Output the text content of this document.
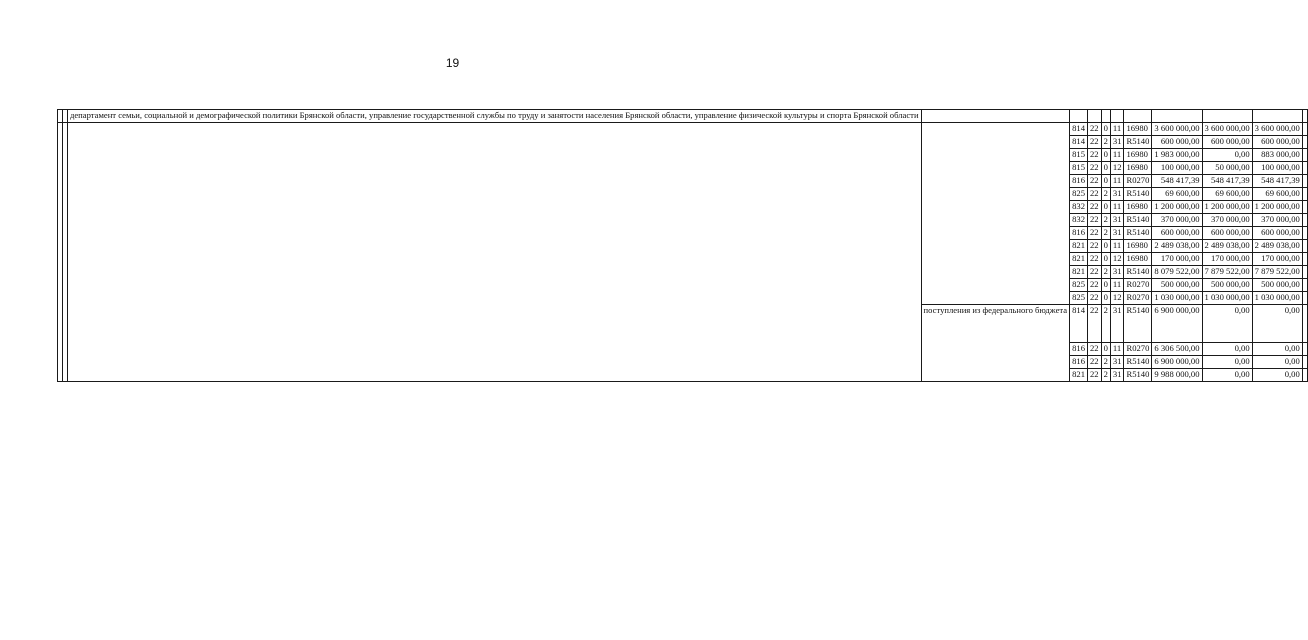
19
		департамент семьи, социальной и демографической политики Брянской области, управление государственной службы по труду и занятости населения Брянской области, управление физической культуры и спорта Брянской области										
				814	22	0	11	16980	3 600 000,00	3 600 000,00	3 600 000,00	
				814	22	2	31	R5140	600 000,00	600 000,00	600 000,00	
				815	22	0	11	16980	1 983 000,00	0,00	883 000,00	
				815	22	0	12	16980	100 000,00	50 000,00	100 000,00	
				816	22	0	11	R0270	548 417,39	548 417,39	548 417,39	
				825	22	2	31	R5140	69 600,00	69 600,00	69 600,00	
				832	22	0	11	16980	1 200 000,00	1 200 000,00	1 200 000,00	
				832	22	2	31	R5140	370 000,00	370 000,00	370 000,00	
				816	22	2	31	R5140	600 000,00	600 000,00	600 000,00	
				821	22	0	11	16980	2 489 038,00	2 489 038,00	2 489 038,00	
				821	22	0	12	16980	170 000,00	170 000,00	170 000,00	
				821	22	2	31	R5140	8 079 522,00	7 879 522,00	7 879 522,00	
				825	22	0	11	R0270	500 000,00	500 000,00	500 000,00	
				825	22	0	12	R0270	1 030 000,00	1 030 000,00	1 030 000,00	
			поступления из федерального бюджета	814	22	2	31	R5140	6 900 000,00	0,00	0,00	
				816	22	0	11	R0270	6 306 500,00	0,00	0,00	
				816	22	2	31	R5140	6 900 000,00	0,00	0,00	
				821	22	2	31	R5140	9 988 000,00	0,00	0,00	
